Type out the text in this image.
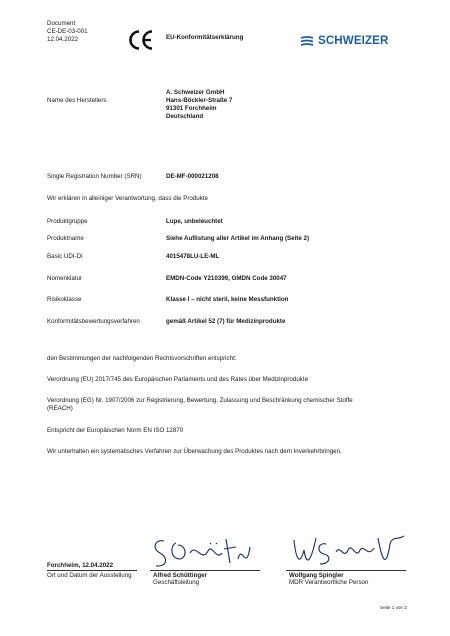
Document
CE-DE-03-001
12.04.2022	EU-Konformitätserklärung	SCHWEIZER
Name des Herstellers
A. Schweizer GmbH
Hans-Böckler-Straße 7
91301 Forchheim
Deutschland
Single Registration Number (SRN)	DE-MF-000021208
Wir erklären in alleiniger Verantwortung, dass die Produkte
Produktgruppe	Lupe, unbeleuchtet
Produktname	Siehe Auflistung aller Artikel im Anhang (Seite 2)
Basic UDI-DI	4015478LU-LE-ML
Nomenklatur	EMDN-Code Y210399, GMDN Code 30047
Risikoklasse	Klasse I – nicht steril, keine Messfunktion
Konformitätsbewertungsverfahren	gemäß Artikel 52 (7) für Medizinprodukte
den Bestimmungen der nachfolgenden Rechtsvorschriften entspricht:
Verordnung (EU) 2017/745 des Europäischen Parlaments und des Rates über Medizinprodukte
Verordnung (EG) Nr. 1907/2006 zur Registrierung, Bewertung, Zulassung und Beschränkung chemischer Stoffe
(REACH)
Entspricht der Europäischen Norm EN ISO 12870
Wir unterhalten ein systematisches Verfahren zur Überwachung des Produktes nach dem Inverkehrbringen.
Forchheim, 12.04.2022
Ort und Datum der Ausstellung · Alfred Schüttinger
Geschäftsleitung
· Wolfgang Spingler
MDR Verantwortliche Person
Seite 1 von 2
